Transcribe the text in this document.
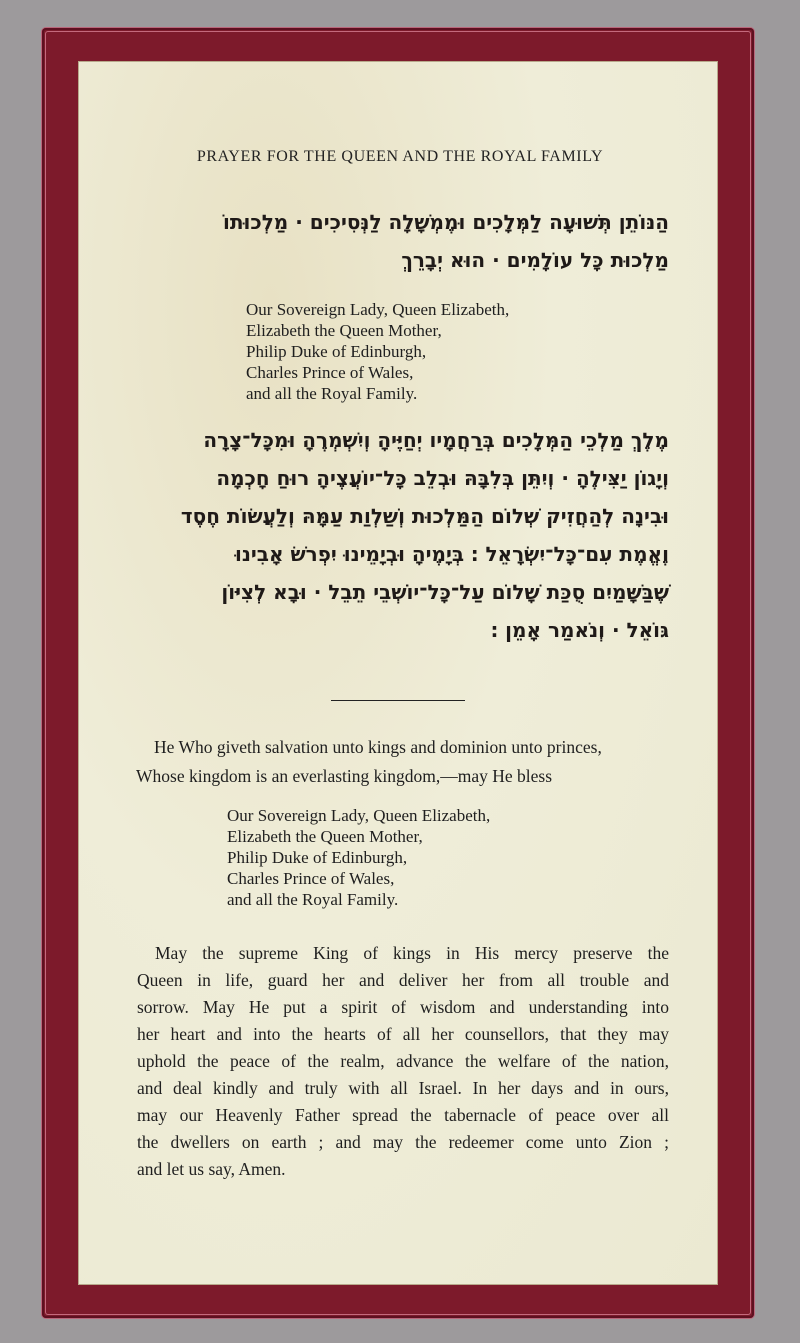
PRAYER FOR THE QUEEN AND THE ROYAL FAMILY
הַנּוֹתֵן תְּשׁוּעָה לַמְּלָכִים וּמֶמְשָׁלָה לַנְּסִיכִים · מַלְכוּתוֹ
מַלְכוּת כָּל עוֹלָמִים · הוּא יְבָרֵךְ
Our Sovereign Lady, Queen Elizabeth,
Elizabeth the Queen Mother,
Philip Duke of Edinburgh,
Charles Prince of Wales,
and all the Royal Family.
מֶלֶךְ מַלְכֵי הַמְּלָכִים בְּרַחֲמָיו יְחַיֶּיהָ וְיִשְׁמְרֶהָ וּמִכָּל־צָרָה
וְיָגוֹן יַצִּילֶהָ · וְיִתֵּן בְּלִבָּהּ וּבְלֵב כָּל־יוֹעֲצֶיהָ רוּחַ חָכְמָה
וּבִינָה לְהַחֲזִיק שְׁלוֹם הַמַּלְכוּת וְשַׁלְוַת עַמָּהּ וְלַעֲשׂוֹת חֶסֶד
וֶאֱמֶת עִם־כָּל־יִשְׂרָאֵל ׃ בְּיָמֶיהָ וּבְיָמֵינוּ יִפְרֹשׂ אָבִינוּ
שֶׁבַּשָּׁמַיִם סֻכַּת שָׁלוֹם עַל־כָּל־יוֹשְׁבֵי תֵבֵל · וּבָא לְצִיּוֹן
גּוֹאֵל · וְנֹאמַר אָמֵן ׃
He Who giveth salvation unto kings and dominion unto princes,
Whose kingdom is an everlasting kingdom,—may He bless
Our Sovereign Lady, Queen Elizabeth,
Elizabeth the Queen Mother,
Philip Duke of Edinburgh,
Charles Prince of Wales,
and all the Royal Family.
May the supreme King of kings in His mercy preserve the
Queen in life, guard her and deliver her from all trouble and
sorrow. May He put a spirit of wisdom and understanding into
her heart and into the hearts of all her counsellors, that they may
uphold the peace of the realm, advance the welfare of the nation,
and deal kindly and truly with all Israel. In her days and in ours,
may our Heavenly Father spread the tabernacle of peace over all
the dwellers on earth ; and may the redeemer come unto Zion ;
and let us say, Amen.
